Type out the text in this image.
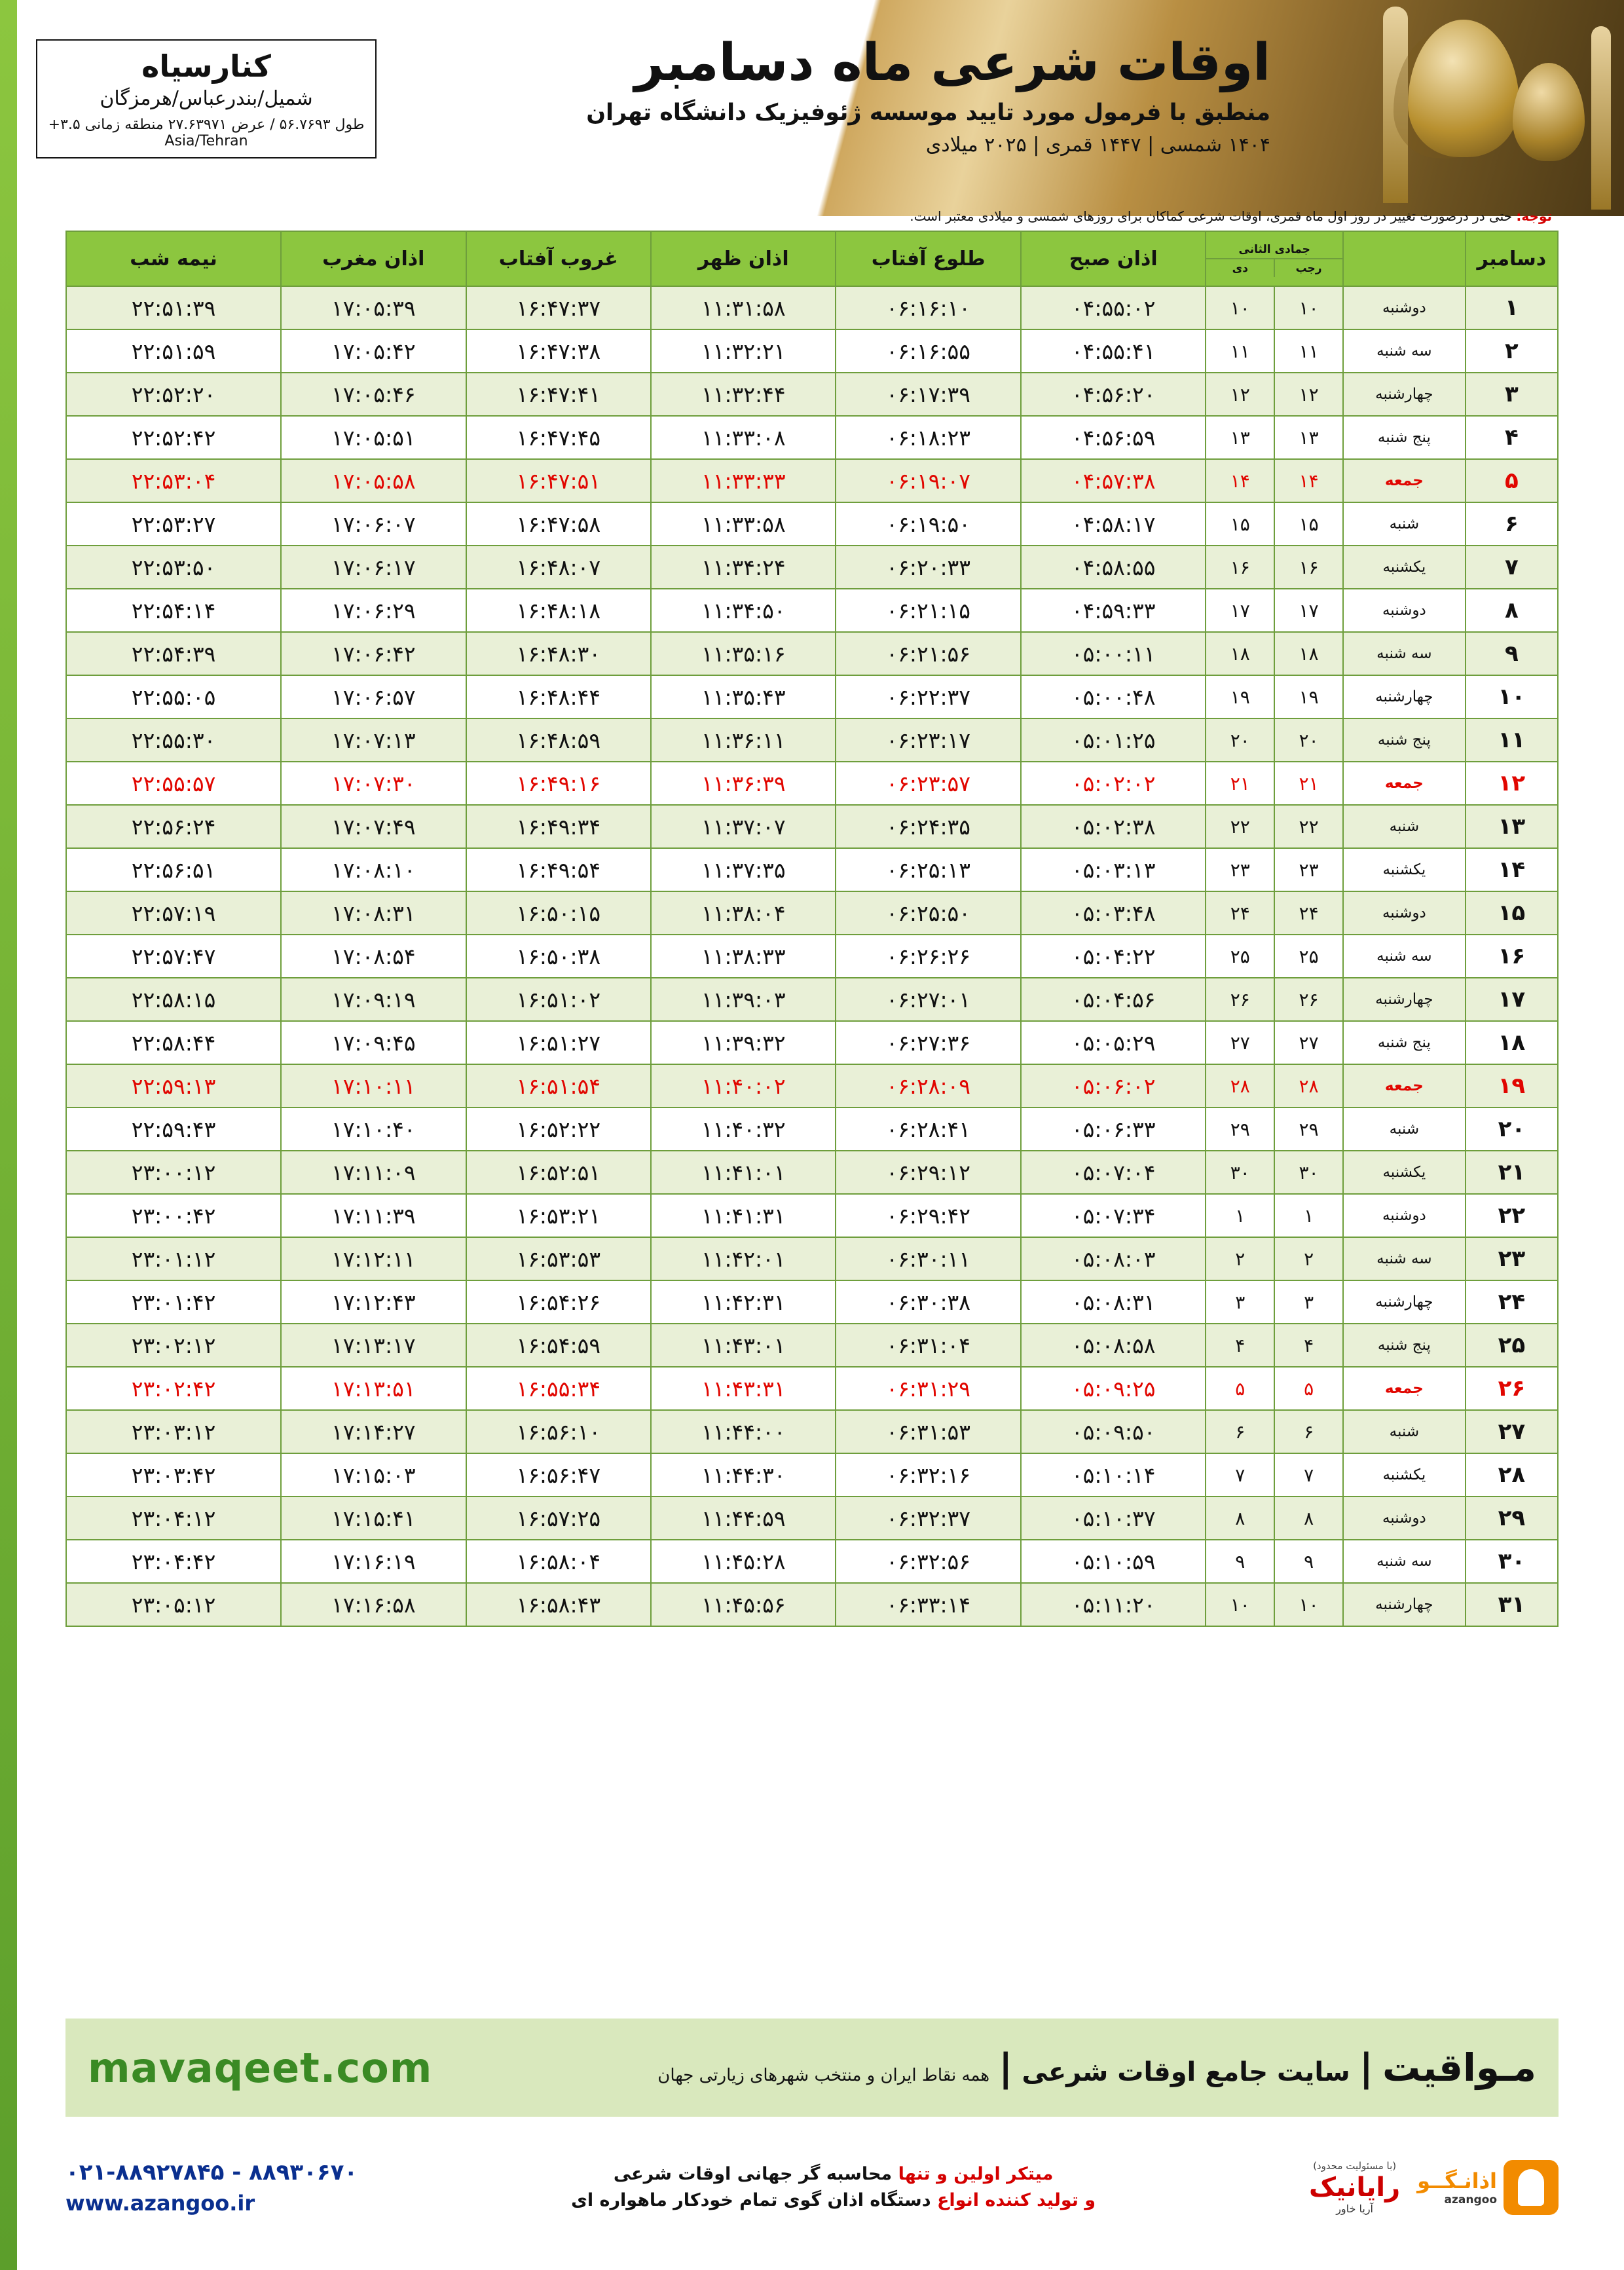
اوقات شرعی ماه دسامبر
منطبق با فرمول مورد تایید موسسه ژئوفیزیک دانشگاه تهران
۱۴۰۴ شمسی | ۱۴۴۷ قمری | ۲۰۲۵ میلادی
کنارسیاه
شمیل/بندرعباس/هرمزگان
طول ۵۶.۷۶۹۳ / عرض ۲۷.۶۳۹۷۱ منطقه زمانی ۳.۵+ Asia/Tehran
توجه: حتی در درصورت تغییر در روز اول ماه قمری، اوقات شرعی کماکان برای روزهای شمسی و میلادی معتبر است.
دسامبر		جمادی الثانی
رجب
دی		اذان صبح	طلوع آفتاب	اذان ظهر	غروب آفتاب	اذان مغرب	نیمه شب
۱	دوشنبه	۱۰	۱۰	۰۴:۵۵:۰۲	۰۶:۱۶:۱۰	۱۱:۳۱:۵۸	۱۶:۴۷:۳۷	۱۷:۰۵:۳۹	۲۲:۵۱:۳۹
۲	سه شنبه	۱۱	۱۱	۰۴:۵۵:۴۱	۰۶:۱۶:۵۵	۱۱:۳۲:۲۱	۱۶:۴۷:۳۸	۱۷:۰۵:۴۲	۲۲:۵۱:۵۹
۳	چهارشنبه	۱۲	۱۲	۰۴:۵۶:۲۰	۰۶:۱۷:۳۹	۱۱:۳۲:۴۴	۱۶:۴۷:۴۱	۱۷:۰۵:۴۶	۲۲:۵۲:۲۰
۴	پنج شنبه	۱۳	۱۳	۰۴:۵۶:۵۹	۰۶:۱۸:۲۳	۱۱:۳۳:۰۸	۱۶:۴۷:۴۵	۱۷:۰۵:۵۱	۲۲:۵۲:۴۲
۵	جمعه	۱۴	۱۴	۰۴:۵۷:۳۸	۰۶:۱۹:۰۷	۱۱:۳۳:۳۳	۱۶:۴۷:۵۱	۱۷:۰۵:۵۸	۲۲:۵۳:۰۴
۶	شنبه	۱۵	۱۵	۰۴:۵۸:۱۷	۰۶:۱۹:۵۰	۱۱:۳۳:۵۸	۱۶:۴۷:۵۸	۱۷:۰۶:۰۷	۲۲:۵۳:۲۷
۷	یکشنبه	۱۶	۱۶	۰۴:۵۸:۵۵	۰۶:۲۰:۳۳	۱۱:۳۴:۲۴	۱۶:۴۸:۰۷	۱۷:۰۶:۱۷	۲۲:۵۳:۵۰
۸	دوشنبه	۱۷	۱۷	۰۴:۵۹:۳۳	۰۶:۲۱:۱۵	۱۱:۳۴:۵۰	۱۶:۴۸:۱۸	۱۷:۰۶:۲۹	۲۲:۵۴:۱۴
۹	سه شنبه	۱۸	۱۸	۰۵:۰۰:۱۱	۰۶:۲۱:۵۶	۱۱:۳۵:۱۶	۱۶:۴۸:۳۰	۱۷:۰۶:۴۲	۲۲:۵۴:۳۹
۱۰	چهارشنبه	۱۹	۱۹	۰۵:۰۰:۴۸	۰۶:۲۲:۳۷	۱۱:۳۵:۴۳	۱۶:۴۸:۴۴	۱۷:۰۶:۵۷	۲۲:۵۵:۰۵
۱۱	پنج شنبه	۲۰	۲۰	۰۵:۰۱:۲۵	۰۶:۲۳:۱۷	۱۱:۳۶:۱۱	۱۶:۴۸:۵۹	۱۷:۰۷:۱۳	۲۲:۵۵:۳۰
۱۲	جمعه	۲۱	۲۱	۰۵:۰۲:۰۲	۰۶:۲۳:۵۷	۱۱:۳۶:۳۹	۱۶:۴۹:۱۶	۱۷:۰۷:۳۰	۲۲:۵۵:۵۷
۱۳	شنبه	۲۲	۲۲	۰۵:۰۲:۳۸	۰۶:۲۴:۳۵	۱۱:۳۷:۰۷	۱۶:۴۹:۳۴	۱۷:۰۷:۴۹	۲۲:۵۶:۲۴
۱۴	یکشنبه	۲۳	۲۳	۰۵:۰۳:۱۳	۰۶:۲۵:۱۳	۱۱:۳۷:۳۵	۱۶:۴۹:۵۴	۱۷:۰۸:۱۰	۲۲:۵۶:۵۱
۱۵	دوشنبه	۲۴	۲۴	۰۵:۰۳:۴۸	۰۶:۲۵:۵۰	۱۱:۳۸:۰۴	۱۶:۵۰:۱۵	۱۷:۰۸:۳۱	۲۲:۵۷:۱۹
۱۶	سه شنبه	۲۵	۲۵	۰۵:۰۴:۲۲	۰۶:۲۶:۲۶	۱۱:۳۸:۳۳	۱۶:۵۰:۳۸	۱۷:۰۸:۵۴	۲۲:۵۷:۴۷
۱۷	چهارشنبه	۲۶	۲۶	۰۵:۰۴:۵۶	۰۶:۲۷:۰۱	۱۱:۳۹:۰۳	۱۶:۵۱:۰۲	۱۷:۰۹:۱۹	۲۲:۵۸:۱۵
۱۸	پنج شنبه	۲۷	۲۷	۰۵:۰۵:۲۹	۰۶:۲۷:۳۶	۱۱:۳۹:۳۲	۱۶:۵۱:۲۷	۱۷:۰۹:۴۵	۲۲:۵۸:۴۴
۱۹	جمعه	۲۸	۲۸	۰۵:۰۶:۰۲	۰۶:۲۸:۰۹	۱۱:۴۰:۰۲	۱۶:۵۱:۵۴	۱۷:۱۰:۱۱	۲۲:۵۹:۱۳
۲۰	شنبه	۲۹	۲۹	۰۵:۰۶:۳۳	۰۶:۲۸:۴۱	۱۱:۴۰:۳۲	۱۶:۵۲:۲۲	۱۷:۱۰:۴۰	۲۲:۵۹:۴۳
۲۱	یکشنبه	۳۰	۳۰	۰۵:۰۷:۰۴	۰۶:۲۹:۱۲	۱۱:۴۱:۰۱	۱۶:۵۲:۵۱	۱۷:۱۱:۰۹	۲۳:۰۰:۱۲
۲۲	دوشنبه	۱	۱	۰۵:۰۷:۳۴	۰۶:۲۹:۴۲	۱۱:۴۱:۳۱	۱۶:۵۳:۲۱	۱۷:۱۱:۳۹	۲۳:۰۰:۴۲
۲۳	سه شنبه	۲	۲	۰۵:۰۸:۰۳	۰۶:۳۰:۱۱	۱۱:۴۲:۰۱	۱۶:۵۳:۵۳	۱۷:۱۲:۱۱	۲۳:۰۱:۱۲
۲۴	چهارشنبه	۳	۳	۰۵:۰۸:۳۱	۰۶:۳۰:۳۸	۱۱:۴۲:۳۱	۱۶:۵۴:۲۶	۱۷:۱۲:۴۳	۲۳:۰۱:۴۲
۲۵	پنج شنبه	۴	۴	۰۵:۰۸:۵۸	۰۶:۳۱:۰۴	۱۱:۴۳:۰۱	۱۶:۵۴:۵۹	۱۷:۱۳:۱۷	۲۳:۰۲:۱۲
۲۶	جمعه	۵	۵	۰۵:۰۹:۲۵	۰۶:۳۱:۲۹	۱۱:۴۳:۳۱	۱۶:۵۵:۳۴	۱۷:۱۳:۵۱	۲۳:۰۲:۴۲
۲۷	شنبه	۶	۶	۰۵:۰۹:۵۰	۰۶:۳۱:۵۳	۱۱:۴۴:۰۰	۱۶:۵۶:۱۰	۱۷:۱۴:۲۷	۲۳:۰۳:۱۲
۲۸	یکشنبه	۷	۷	۰۵:۱۰:۱۴	۰۶:۳۲:۱۶	۱۱:۴۴:۳۰	۱۶:۵۶:۴۷	۱۷:۱۵:۰۳	۲۳:۰۳:۴۲
۲۹	دوشنبه	۸	۸	۰۵:۱۰:۳۷	۰۶:۳۲:۳۷	۱۱:۴۴:۵۹	۱۶:۵۷:۲۵	۱۷:۱۵:۴۱	۲۳:۰۴:۱۲
۳۰	سه شنبه	۹	۹	۰۵:۱۰:۵۹	۰۶:۳۲:۵۶	۱۱:۴۵:۲۸	۱۶:۵۸:۰۴	۱۷:۱۶:۱۹	۲۳:۰۴:۴۲
۳۱	چهارشنبه	۱۰	۱۰	۰۵:۱۱:۲۰	۰۶:۳۳:۱۴	۱۱:۴۵:۵۶	۱۶:۵۸:۴۳	۱۷:۱۶:۵۸	۲۳:۰۵:۱۲
مـواقیت
|
سایت جامع اوقات شرعی
|
همه نقاط ایران و منتخب شهرهای زیارتی جهان
mavaqeet.com
اذانـگــو
azangoo
(با مسئولیت محدود)
رایانیک
آریا خاور
میتکر اولین و تنها محاسبه گر جهانی اوقات شرعی
و تولید کننده انواع دستگاه اذان گوی تمام خودکار ماهواره ای
۰۲۱-۸۸۹۲۷۸۴۵ - ۸۸۹۳۰۶۷۰
www.azangoo.ir
